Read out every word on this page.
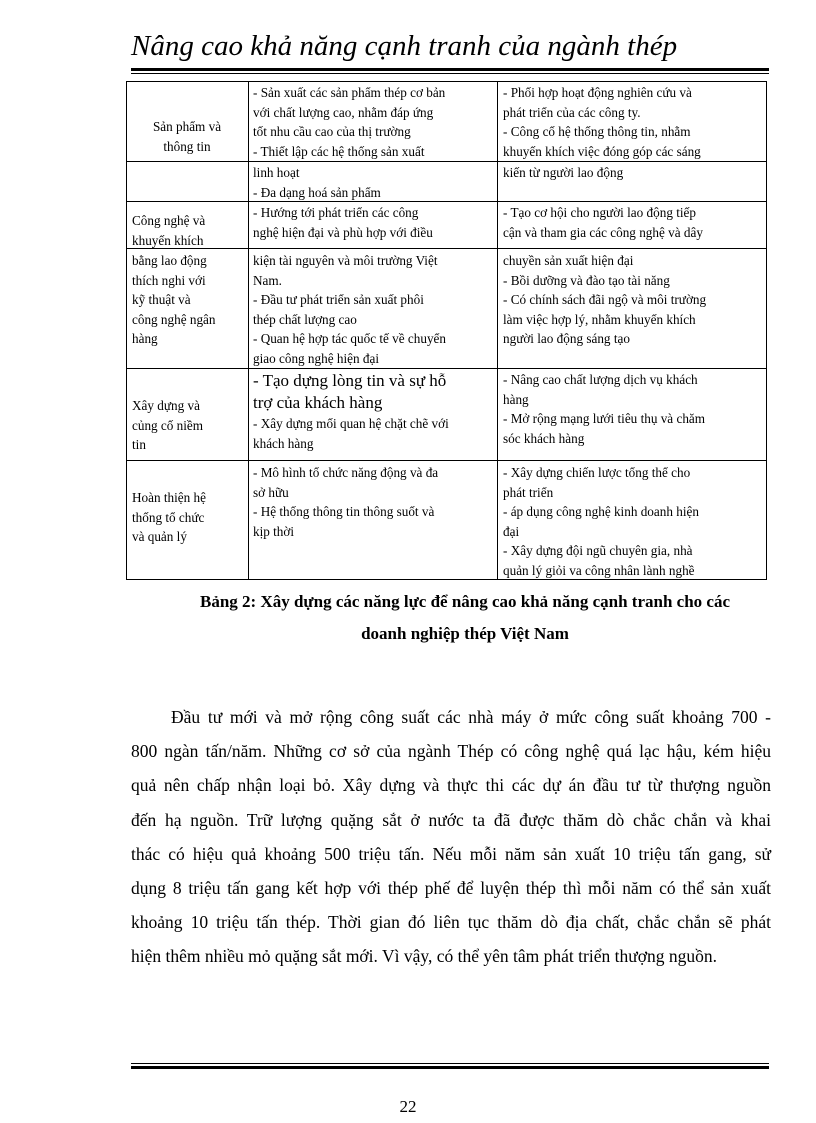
Nâng cao khả năng cạnh tranh của ngành thép
Sản phẩm và
thông tin
- Sản xuất các sản phẩm thép cơ bản
với chất lượng cao, nhằm đáp ứng
tốt nhu cầu cao của thị trường
- Thiết lập các hệ thống sản xuất
- Phối hợp hoạt động nghiên cứu và
phát triển của các công ty.
- Công cố hệ thống thông tin, nhằm
khuyến khích việc đóng góp các sáng
linh hoạt
- Đa dạng hoá sản phẩm
kiến từ người lao động
Công nghệ và
khuyến khích
- Hướng tới phát triển các công
nghệ hiện đại và phù hợp với điều
- Tạo cơ hội cho người lao động tiếp
cận và tham gia các công nghệ và dây
bằng lao động
thích nghi với
kỹ thuật và
công nghệ ngân
hàng
kiện tài nguyên và môi trường Việt
Nam.
- Đầu tư phát triển sản xuất phôi
thép chất lượng cao
- Quan hệ hợp tác quốc tế về chuyển
giao công nghệ hiện đại
chuyền sản xuất hiện đại
- Bồi dưỡng và đào tạo tài năng
- Có chính sách đãi ngộ và môi trường
làm việc hợp lý, nhằm khuyến khích
người lao động sáng tạo
Xây dựng và
củng cố niềm
tin
- Tạo dựng lòng tin và sự hỗ
trợ của khách hàng
- Xây dựng mối quan hệ chặt chẽ với
khách hàng
- Nâng cao chất lượng dịch vụ khách
hàng
- Mở rộng mạng lưới tiêu thụ và chăm
sóc khách hàng
Hoàn thiện hệ
thống tổ chức
và quản lý
- Mô hình tổ chức năng động và đa
sở hữu
- Hệ thống thông tin thông suốt và
kịp thời
- Xây dựng chiến lược tổng thể cho
phát triển
- áp dụng công nghệ kinh doanh hiện
đại
- Xây dựng đội ngũ chuyên gia, nhà
quản lý giỏi va công nhân lành nghề
Bảng 2: Xây dựng các năng lực để nâng cao khả năng cạnh tranh cho các
doanh nghiệp thép Việt Nam
Đầu tư mới và mở rộng công suất các nhà máy ở mức công suất khoảng 700 -
800 ngàn tấn/năm. Những cơ sở của ngành Thép có công nghệ quá lạc hậu, kém hiệu
quả nên chấp nhận loại bỏ. Xây dựng và thực thi các dự án đầu tư từ thượng nguồn
đến hạ nguồn. Trữ lượng quặng sắt ở nước ta đã được thăm dò chắc chắn và khai
thác có hiệu quả khoảng 500 triệu tấn. Nếu mỗi năm sản xuất 10 triệu tấn gang, sử
dụng 8 triệu tấn gang kết hợp với thép phế để luyện thép thì mỗi năm có thể sản xuất
khoảng 10 triệu tấn thép. Thời gian đó liên tục thăm dò địa chất, chắc chắn sẽ phát
hiện thêm nhiều mỏ quặng sắt mới. Vì vậy, có thể yên tâm phát triển thượng nguồn.
22
